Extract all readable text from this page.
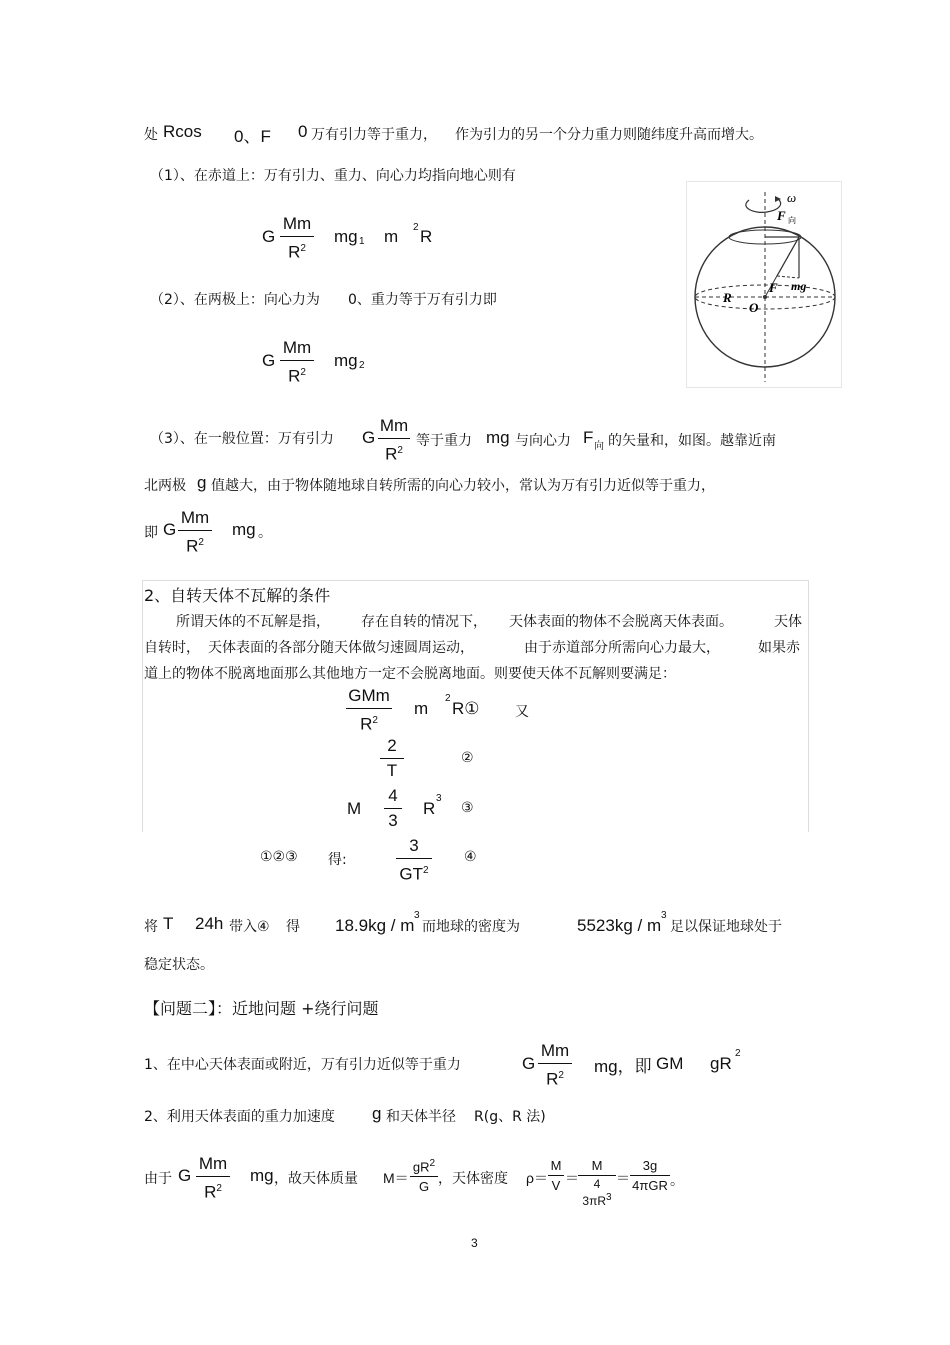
处 Rcos 0、F 0 万有引力等于重力， 作为引力的另一个分力重力则随纬度升高而增大。
（1）、在赤道上：万有引力、重力、向心力均指向地心则有
G
Mm
$R^2$
mg 1 m 2 R
（2）、在两极上：向心力为 0、重力等于万有引力即
G
Mm
$R^2$
mg 2
ω
F 向
F mg
R
O
（3）、在一般位置：万有引力 G
Mm
$R^2$
等于重力 mg 与向心力 F 向 的矢量和，如图。越靠近南
北两极 g 值越大，由于物体随地球自转所需的向心力较小，常认为万有引力近似等于重力，
即 G
Mm
$R^2$
mg 。
2、自转天体不瓦解的条件
所谓天体的不瓦解是指， 存在自转的情况下， 天体表面的物体不会脱离天体表面。	天体
自转时， 天体表面的各部分随天体做匀速圆周运动，	由于赤道部分所需向心力最大，	如果赤
道上的物体不脱离地面那么其他地方一定不会脱离地面。则要使天体不瓦解则要满足：
GMm
$R^2$
m
2
R①	又
2
T
②
M
4
3
R
3
③
①②③ 得:
3
$GT^2$
④
将 T 24h 带入④ 得 18.9kg / m
3
而地球的密度为	5523kg / m
3
足以保证地球处于
稳定状态。
【问题二】：近地问题 +绕行问题
1、在中心天体表面或附近，万有引力近似等于重力	G
Mm
$R^2$	mg，即 GM gR
2
2、利用天体表面的重力加速度 g 和天体半径 R(g、R 法)
由于 G
Mm
$R^2$
mg ，故天体质量 M＝
$gR^2$
G ，天体密度 ρ＝
M
V ＝
M
4
$3\pi R^3$
＝
3g
4πGR 。
3
